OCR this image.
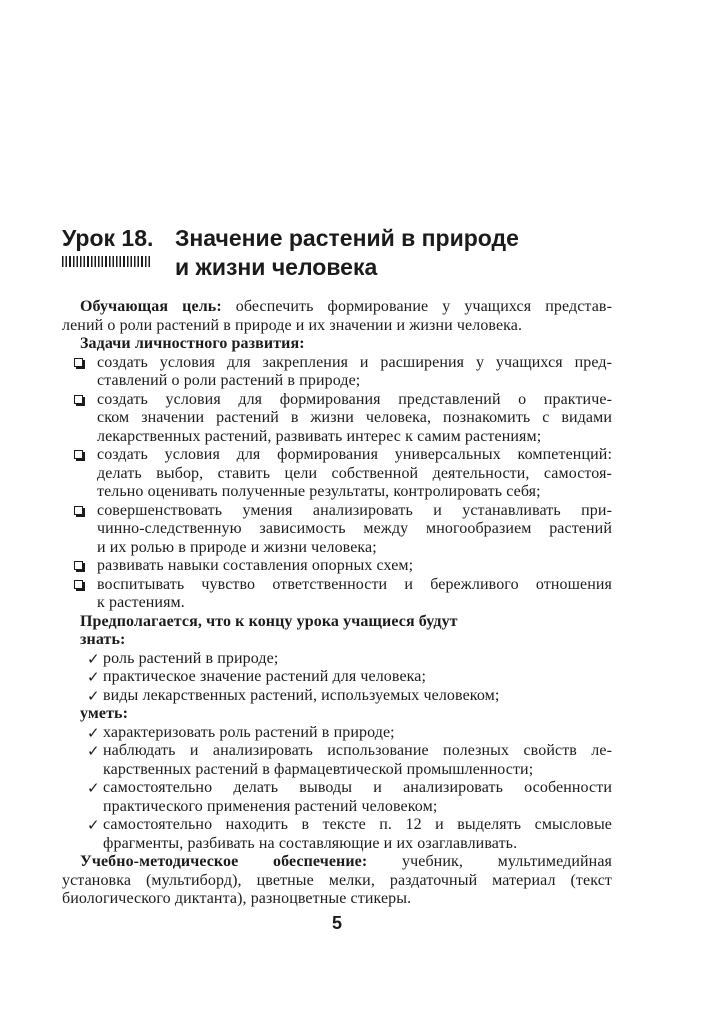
Урок 18. Значение растений в природе
и жизни человека
Обучающая цель: обеспечить формирование у учащихся представ-
лений о роли растений в природе и их значении и жизни человека.
Задачи личностного развития:
создать условия для закрепления и расширения у учащихся пред-
ставлений о роли растений в природе;
создать условия для формирования представлений о практиче-
ском значении растений в жизни человека, познакомить с видами
лекарственных растений, развивать интерес к самим растениям;
создать условия для формирования универсальных компетенций:
делать выбор, ставить цели собственной деятельности, самостоя-
тельно оценивать полученные результаты, контролировать себя;
совершенствовать умения анализировать и устанавливать при-
чинно-следственную зависимость между многообразием растений
и их ролью в природе и жизни человека;
развивать навыки составления опорных схем;
воспитывать чувство ответственности и бережливого отношения
к растениям.
Предполагается, что к концу урока учащиеся будут
знать:
✓ роль растений в природе;
✓ практическое значение растений для человека;
✓ виды лекарственных растений, используемых человеком;
уметь:
✓ характеризовать роль растений в природе;
✓ наблюдать и анализировать использование полезных свойств ле-
карственных растений в фармацевтической промышленности;
✓ самостоятельно делать выводы и анализировать особенности
практического применения растений человеком;
✓ самостоятельно находить в тексте п. 12 и выделять смысловые
фрагменты, разбивать на составляющие и их озаглавливать.
Учебно-методическое обеспечение: учебник, мультимедийная
установка (мультиборд), цветные мелки, раздаточный материал (текст
биологического диктанта), разноцветные стикеры.
5
